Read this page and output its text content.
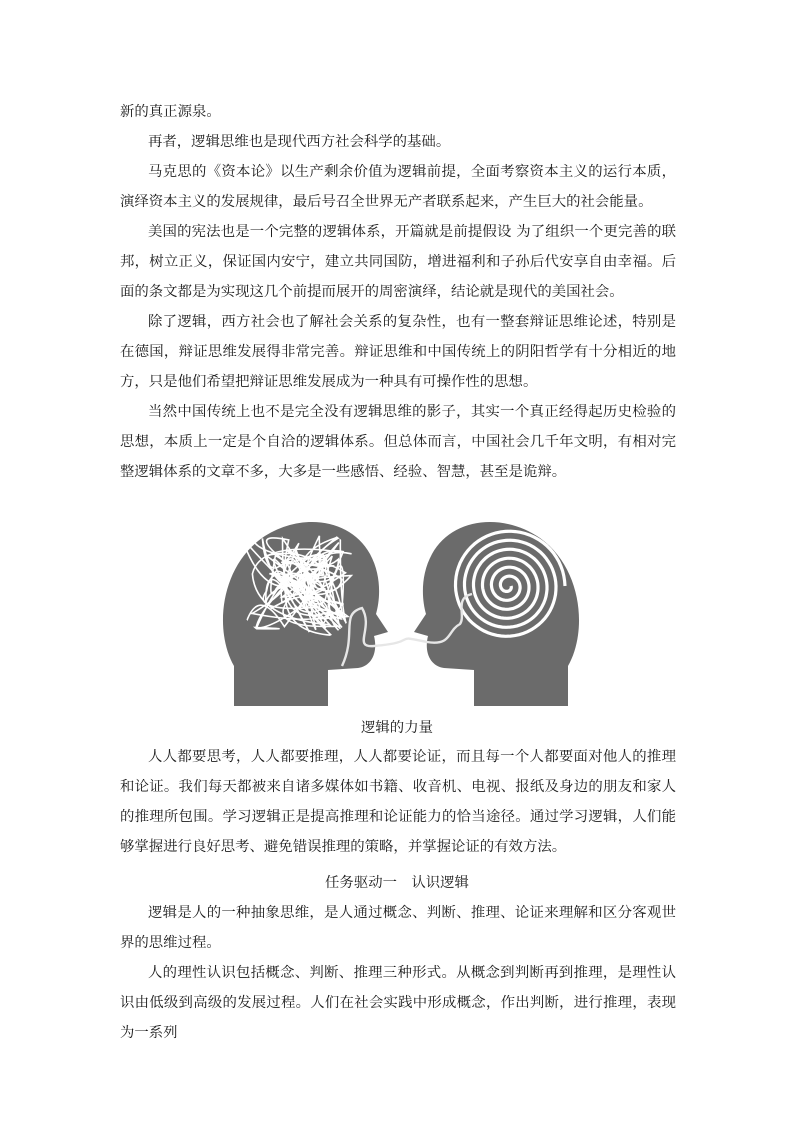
新的真正源泉。

再者，逻辑思维也是现代西方社会科学的基础。

马克思的《资本论》以生产剩余价值为逻辑前提，全面考察资本主义的运行本质，演绎资本主义的发展规律，最后号召全世界无产者联系起来，产生巨大的社会能量。

美国的宪法也是一个完整的逻辑体系，开篇就是前提假设 为了组织一个更完善的联邦，树立正义，保证国内安宁，建立共同国防，增进福利和子孙后代安享自由幸福。后面的条文都是为实现这几个前提而展开的周密演绎，结论就是现代的美国社会。

除了逻辑，西方社会也了解社会关系的复杂性，也有一整套辩证思维论述，特别是在德国，辩证思维发展得非常完善。辩证思维和中国传统上的阴阳哲学有十分相近的地方，只是他们希望把辩证思维发展成为一种具有可操作性的思想。

当然中国传统上也不是完全没有逻辑思维的影子，其实一个真正经得起历史检验的思想，本质上一定是个自洽的逻辑体系。但总体而言，中国社会几千年文明，有相对完整逻辑体系的文章不多，大多是一些感悟、经验、智慧，甚至是诡辩。

逻辑的力量

人人都要思考，人人都要推理，人人都要论证，而且每一个人都要面对他人的推理和论证。我们每天都被来自诸多媒体如书籍、收音机、电视、报纸及身边的朋友和家人的推理所包围。学习逻辑正是提高推理和论证能力的恰当途径。通过学习逻辑，人们能够掌握进行良好思考、避免错误推理的策略，并掌握论证的有效方法。

任务驱动一　认识逻辑

逻辑是人的一种抽象思维，是人通过概念、判断、推理、论证来理解和区分客观世界的思维过程。

人的理性认识包括概念、判断、推理三种形式。从概念到判断再到推理，是理性认识由低级到高级的发展过程。人们在社会实践中形成概念，作出判断，进行推理，表现为一系列
